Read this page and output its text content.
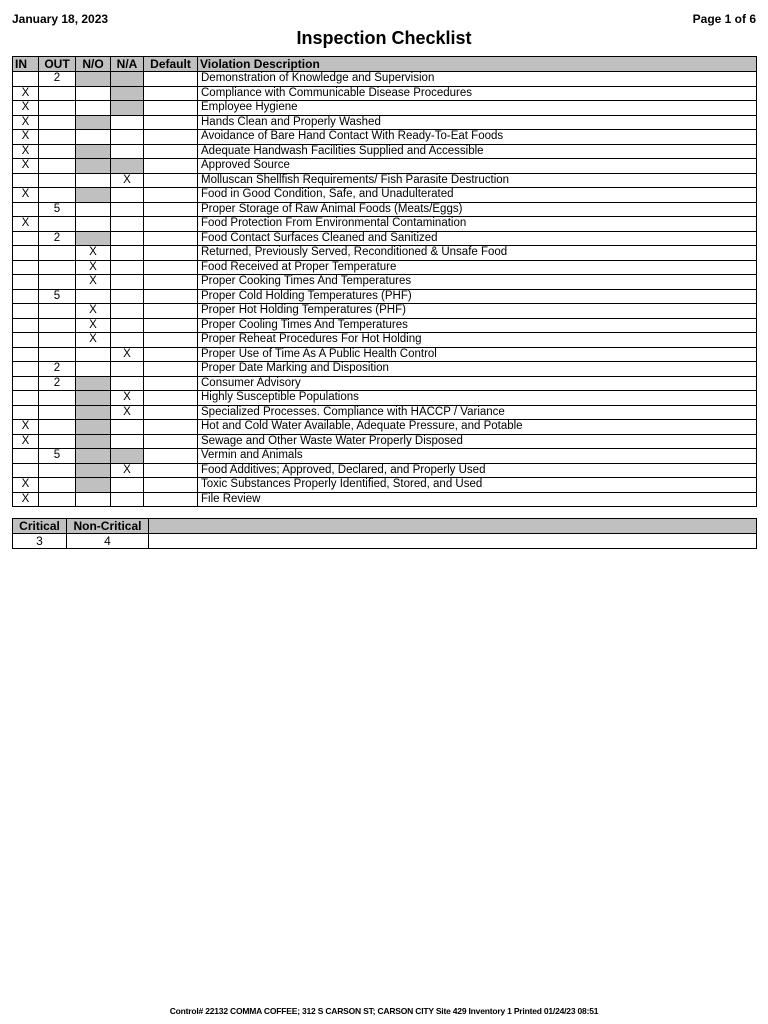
January 18, 2023	Page 1 of 6
Inspection Checklist
IN	OUT	N/O	N/A	Default	Violation Description
	2				Demonstration of Knowledge and Supervision
X					Compliance with Communicable Disease Procedures
X					Employee Hygiene
X					Hands Clean and Properly Washed
X					Avoidance of Bare Hand Contact With Ready-To-Eat Foods
X					Adequate Handwash Facilities Supplied and Accessible
X					Approved Source
			X		Molluscan Shellfish Requirements/ Fish Parasite Destruction
X					Food in Good Condition, Safe, and Unadulterated
	5				Proper Storage of Raw Animal Foods (Meats/Eggs)
X					Food Protection From Environmental Contamination
	2				Food Contact Surfaces Cleaned and Sanitized
		X			Returned, Previously Served, Reconditioned & Unsafe Food
		X			Food Received at Proper Temperature
		X			Proper Cooking Times And Temperatures
	5				Proper Cold Holding Temperatures (PHF)
		X			Proper Hot Holding Temperatures (PHF)
		X			Proper Cooling Times And Temperatures
		X			Proper Reheat Procedures For Hot Holding
			X		Proper Use of Time As A Public Health Control
	2				Proper Date Marking and Disposition
	2				Consumer Advisory
			X		Highly Susceptible Populations
			X		Specialized Processes. Compliance with HACCP / Variance
X					Hot and Cold Water Available, Adequate Pressure, and Potable
X					Sewage and Other Waste Water Properly Disposed
	5				Vermin and Animals
			X		Food Additives; Approved, Declared, and Properly Used
X					Toxic Substances Properly Identified, Stored, and Used
X					File Review
Critical	Non-Critical	
3	4	
Control# 22132 COMMA COFFEE; 312 S CARSON ST; CARSON CITY Site 429 Inventory 1 Printed 01/24/23 08:51
